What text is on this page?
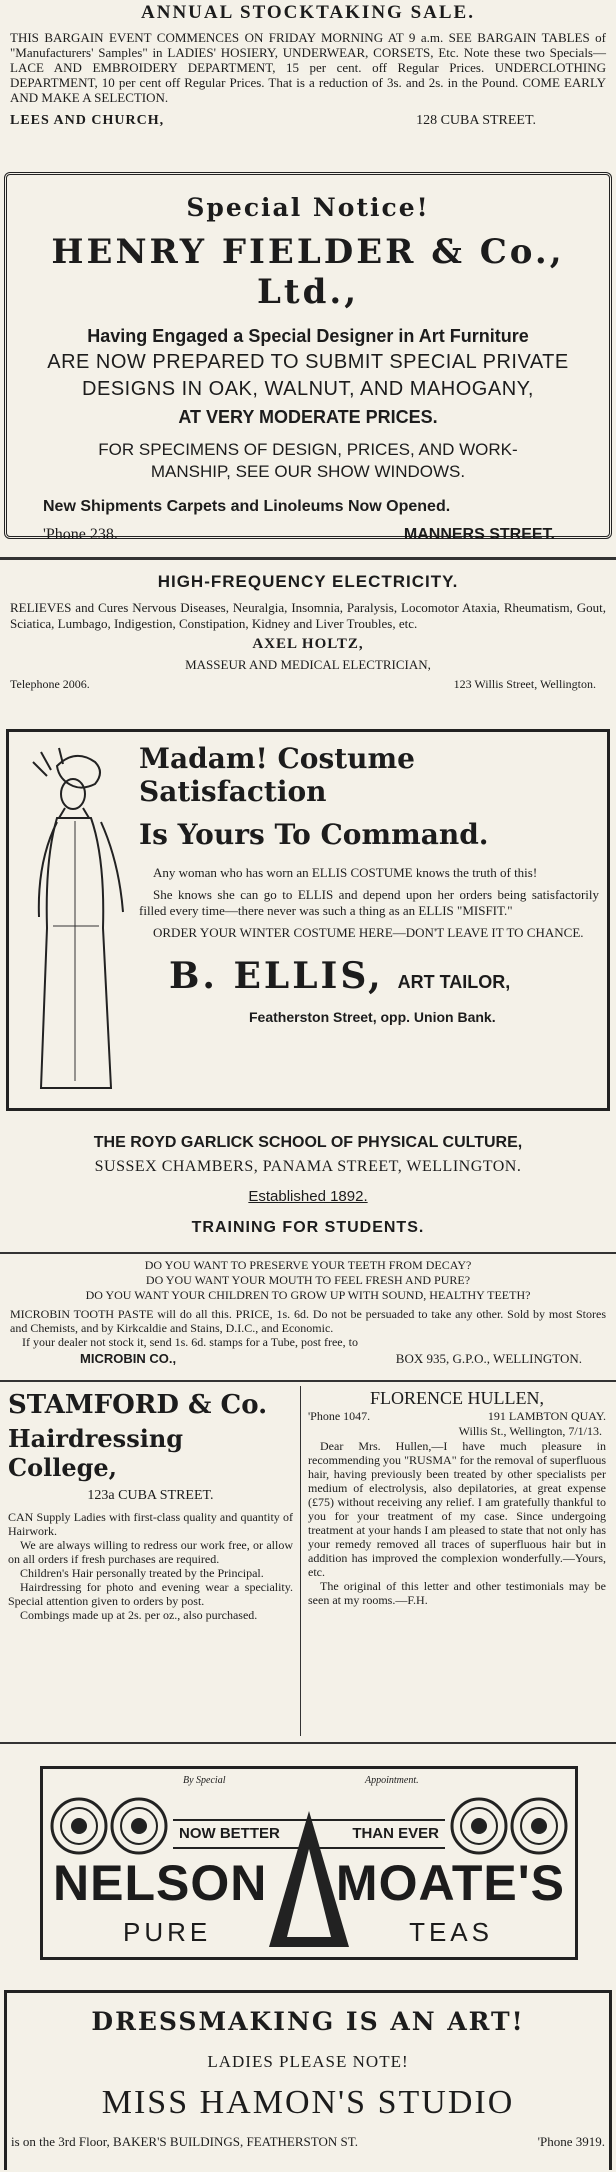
ANNUAL STOCKTAKING SALE.

THIS BARGAIN EVENT COMMENCES ON FRIDAY MORNING AT 9 a.m. SEE BARGAIN TABLES of "Manufacturers' Samples" in LADIES' HOSIERY, UNDERWEAR, CORSETS, Etc. Note these two Specials—LACE AND EMBROIDERY DEPARTMENT, 15 per cent. off Regular Prices. UNDERCLOTHING DEPARTMENT, 10 per cent off Regular Prices. That is a reduction of 3s. and 2s. in the Pound. COME EARLY AND MAKE A SELECTION.

LEES AND CHURCH,	128 CUBA STREET.
Special Notice!
HENRY FIELDER & Co., Ltd.,
Having Engaged a Special Designer in Art Furniture
ARE NOW PREPARED TO SUBMIT SPECIAL PRIVATE
DESIGNS IN OAK, WALNUT, AND MAHOGANY,
AT VERY MODERATE PRICES.
FOR SPECIMENS OF DESIGN, PRICES, AND WORK-
MANSHIP, SEE OUR SHOW WINDOWS.
New Shipments Carpets and Linoleums Now Opened.
'Phone 238.	MANNERS STREET.
HIGH-FREQUENCY ELECTRICITY.

RELIEVES and Cures Nervous Diseases, Neuralgia, Insomnia, Paralysis, Locomotor Ataxia, Rheumatism, Gout, Sciatica, Lumbago, Indigestion, Constipation, Kidney and Liver Troubles, etc.

AXEL HOLTZ,
MASSEUR AND MEDICAL ELECTRICIAN,
Telephone 2006.	123 Willis Street, Wellington.
Madam! Costume Satisfaction
Is Yours To Command.

Any woman who has worn an ELLIS COSTUME knows the truth of this!

She knows she can go to ELLIS and depend upon her orders being satisfactorily filled every time—there never was such a thing as an ELLIS "MISFIT."

ORDER YOUR WINTER COSTUME HERE—DON'T LEAVE IT TO CHANCE.

B. ELLIS, ART TAILOR,
Featherston Street, opp. Union Bank.
THE ROYD GARLICK SCHOOL OF PHYSICAL CULTURE,
SUSSEX CHAMBERS, PANAMA STREET, WELLINGTON.
Established 1892.
TRAINING FOR STUDENTS.
DO YOU WANT TO PRESERVE YOUR TEETH FROM DECAY?
DO YOU WANT YOUR MOUTH TO FEEL FRESH AND PURE?
DO YOU WANT YOUR CHILDREN TO GROW UP WITH SOUND, HEALTHY TEETH?

MICROBIN TOOTH PASTE will do all this. PRICE, 1s. 6d. Do not be persuaded to take any other. Sold by most Stores and Chemists, and by Kirkcaldie and Stains, D.I.C., and Economic.

If your dealer not stock it, send 1s. 6d. stamps for a Tube, post free, to

MICROBIN CO.,	BOX 935, G.P.O., WELLINGTON.
STAMFORD & Co.
Hairdressing College,
123a CUBA STREET.

CAN Supply Ladies with first-class quality and quantity of Hairwork.

We are always willing to redress our work free, or allow on all orders if fresh purchases are required.

Children's Hair personally treated by the Principal.

Hairdressing for photo and evening wear a speciality. Special attention given to orders by post.

Combings made up at 2s. per oz., also purchased.

FLORENCE HULLEN,
'Phone 1047.	191 LAMBTON QUAY.
Willis St., Wellington, 7/1/13.

Dear Mrs. Hullen,—I have much pleasure in recommending you "RUSMA" for the removal of superfluous hair, having previously been treated by other specialists per medium of electrolysis, also depilatories, at great expense (£75) without receiving any relief. I am gratefully thankful to you for your treatment of my case. Since undergoing treatment at your hands I am pleased to state that not only has your remedy removed all traces of superfluous hair but in addition has improved the complexion wonderfully.—Yours, etc.

The original of this letter and other testimonials may be seen at my rooms.—F.H.

By Special	Appointment.
NOW BETTER	THAN EVER
NELSON MOATE'S
PURE	TEAS
DRESSMAKING IS AN ART!
LADIES PLEASE NOTE!
MISS HAMON'S STUDIO
is on the 3rd Floor, BAKER'S BUILDINGS, FEATHERSTON ST.	'Phone 3919.
